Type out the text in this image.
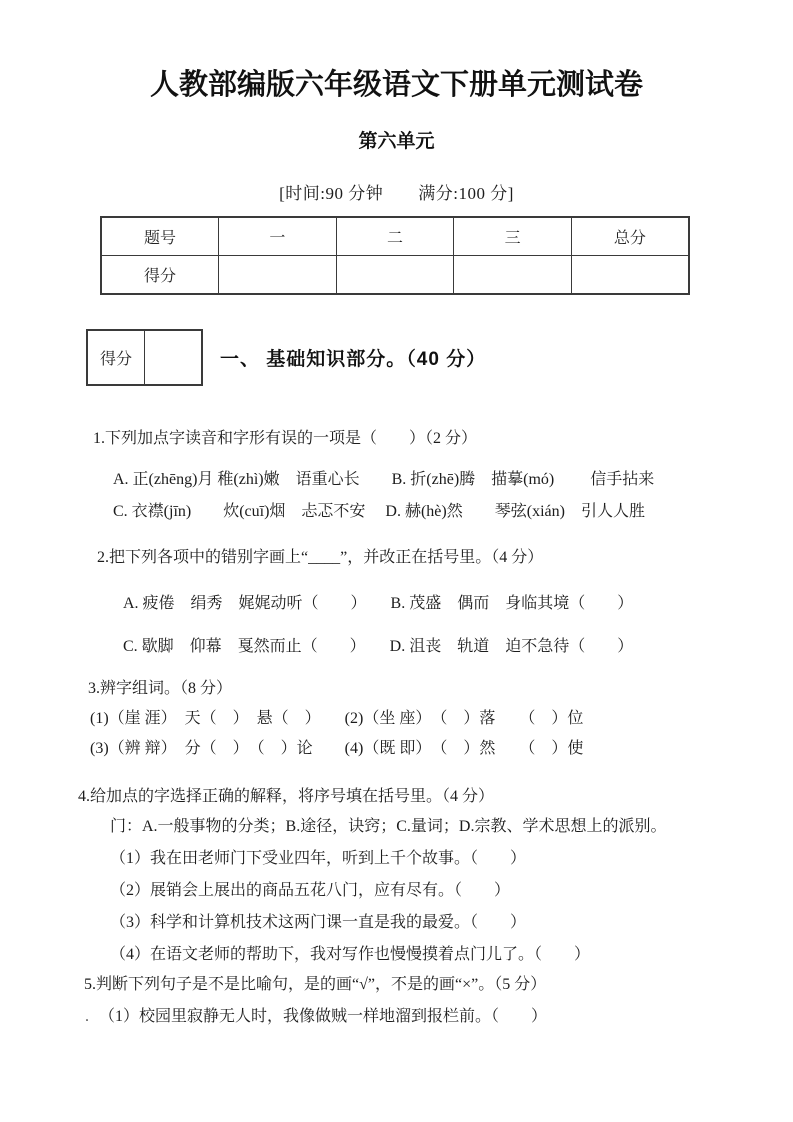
人教部编版六年级语文下册单元测试卷
第六单元
[时间:90 分钟　　满分:100 分]
题号	一	二	三	总分
得分				
得分		一、 基础知识部分。（40 分）
1.下列加点字读音和字形有误的一项是（　　）（2 分）
A. 正(zhēng)月 稚(zhì)嫩　语重心长　　B. 折(zhē)腾　描摹(mó)　　 信手拈来
C. 衣襟(jīn)　　炊(cuī)烟　忐忑不安　 D. 赫(hè)然　　琴弦(xián)　引人人胜
2.把下列各项中的错别字画上“____”，并改正在括号里。（4 分）
A. 疲倦　绢秀　娓娓动听（　　）　　B. 茂盛　偶而　身临其境（　　）
C. 歇脚　仰幕　戛然而止（　　）　　D. 沮丧　轨道　迫不急待（　　）
3.辨字组词。（8 分）
(1)（崖 涯）　天（　）　悬（　）　　(2)（坐 座）　（　）落　　（　）位
(3)（辨 辩）　分（　）　（　）论　　(4)（既 即）　（　）然　　（　）使
4.给加点的字选择正确的解释，将序号填在括号里。（4 分）
门：A.一般事物的分类；B.途径，诀窍；C.量词；D.宗教、学术思想上的派别。
（1）我在田老师门下受业四年，听到上千个故事。（　　）
（2）展销会上展出的商品五花八门，应有尽有。（　　）
（3）科学和计算机技术这两门课一直是我的最爱。（　　）
（4）在语文老师的帮助下，我对写作也慢慢摸着点门儿了。（　　）
5.判断下列句子是不是比喻句，是的画“√”，不是的画“×”。（5 分）
. （1）校园里寂静无人时，我像做贼一样地溜到报栏前。（　　）
